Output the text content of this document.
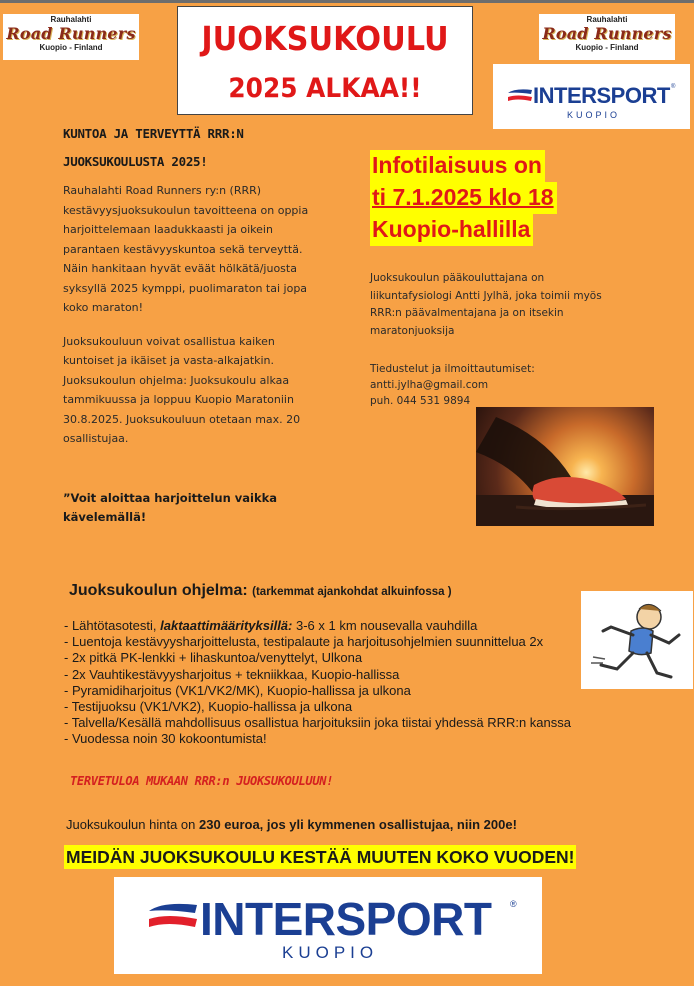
Rauhalahti
Road Runners
Kuopio - Finland
Rauhalahti
Road Runners
Kuopio - Finland
JUOKSUKOULU
2025 ALKAA!!	INTERSPORT ®
KUOPIO
KUNTOA JA TERVEYTTÄ RRR:N
JUOKSUKOULUSTA 2025!

Rauhalahti Road Runners ry:n (RRR)
kestävyysjuoksukoulun tavoitteena on oppia
harjoittelemaan laadukkaasti ja oikein
parantaen kestävyyskuntoa sekä terveyttä.
Näin hankitaan hyvät eväät hölkätä/juosta
syksyllä 2025 kymppi, puolimaraton tai jopa
koko maraton!

Juoksukouluun voivat osallistua kaiken
kuntoiset ja ikäiset ja vasta-alkajatkin.
Juoksukoulun ohjelma: Juoksukoulu alkaa
tammikuussa ja loppuu Kuopio Maratoniin
30.8.2025. Juoksukouluun otetaan max. 20
osallistujaa.

”Voit aloittaa harjoittelun vaikka
kävelemällä!
Infotilaisuus on
ti 7.1.2025 klo 18
Kuopio-hallilla
Juoksukoulun pääkouluttajana on
liikuntafysiologi Antti Jylhä, joka toimii myös
RRR:n päävalmentajana ja on itsekin
maratonjuoksija
Tiedustelut ja ilmoittautumiset:
antti.jylha@gmail.com
puh. 044 531 9894
Juoksukoulun ohjelma: (tarkemmat ajankohdat alkuinfossa )
- Lähtötasotesti, laktaattimäärityksillä: 3-6 x 1 km nousevalla vauhdilla
- Luentoja kestävyysharjoittelusta, testipalaute ja harjoitusohjelmien suunnittelua 2x
- 2x pitkä PK-lenkki + lihaskuntoa/venyttelyt, Ulkona
- 2x Vauhtikestävyysharjoitus + tekniikkaa, Kuopio-hallissa
- Pyramidiharjoitus (VK1/VK2/MK), Kuopio-hallissa ja ulkona
- Testijuoksu (VK1/VK2), Kuopio-hallissa ja ulkona
- Talvella/Kesällä mahdollisuus osallistua harjoituksiin joka tiistai yhdessä RRR:n kanssa
- Vuodessa noin 30 kokoontumista!
TERVETULOA MUKAAN RRR:n JUOKSUKOULUUN!
Juoksukoulun hinta on 230 euroa, jos yli kymmenen osallistujaa, niin 200e!
MEIDÄN JUOKSUKOULU KESTÄÄ MUUTEN KOKO VUODEN!
INTERSPORT ®
KUOPIO
